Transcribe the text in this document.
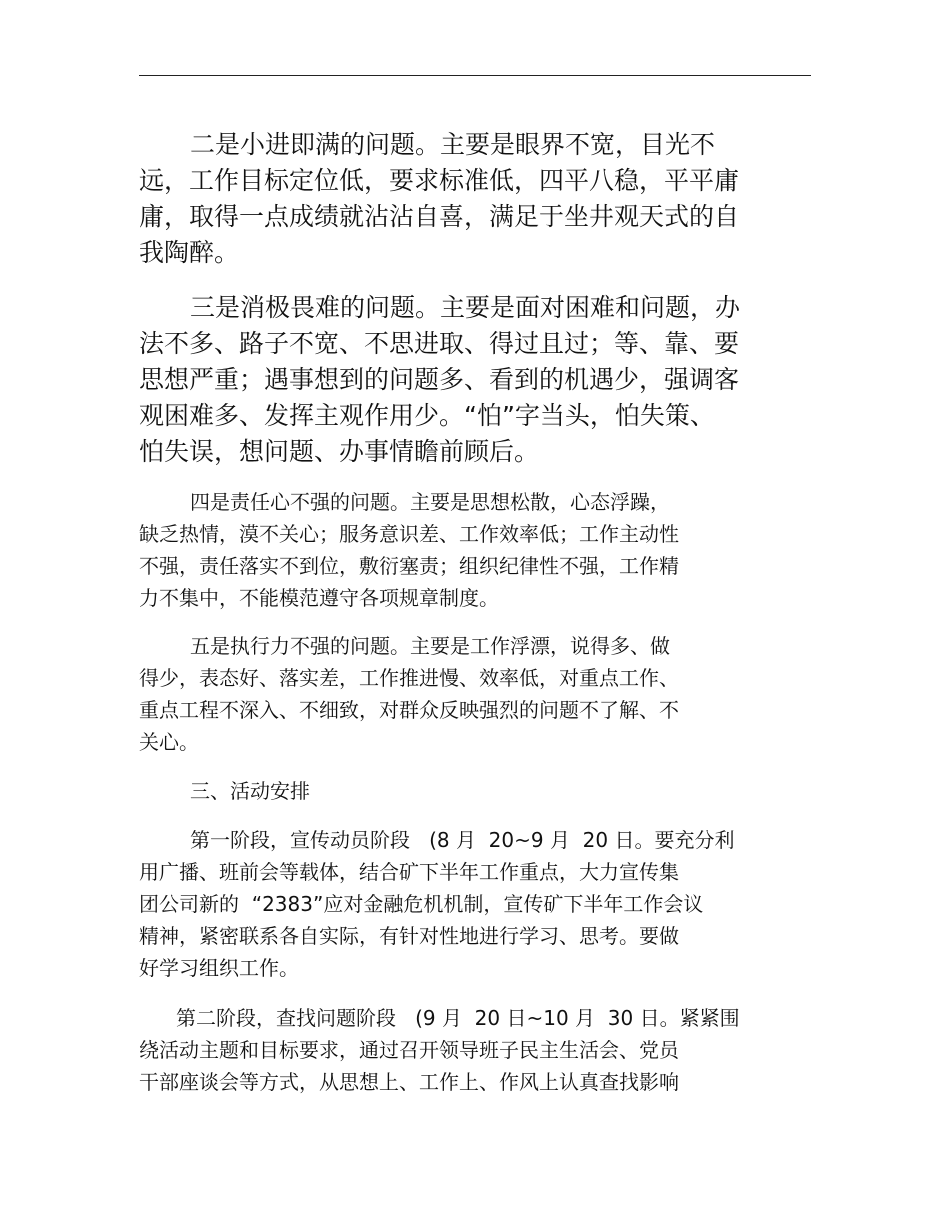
二是小进即满的问题。主要是眼界不宽，目光不
远，工作目标定位低，要求标准低，四平八稳，平平庸
庸，取得一点成绩就沾沾自喜，满足于坐井观天式的自
我陶醉。
三是消极畏难的问题。主要是面对困难和问题，办
法不多、路子不宽、不思进取、得过且过；等、靠、要
思想严重；遇事想到的问题多、看到的机遇少，强调客
观困难多、发挥主观作用少。“怕”字当头，怕失策、
怕失误，想问题、办事情瞻前顾后。
四是责任心不强的问题。主要是思想松散，心态浮躁，
缺乏热情，漠不关心；服务意识差、工作效率低；工作主动性
不强，责任落实不到位，敷衍塞责；组织纪律性不强，工作精
力不集中，不能模范遵守各项规章制度。
五是执行力不强的问题。主要是工作浮漂，说得多、做
得少，表态好、落实差，工作推进慢、效率低，对重点工作、
重点工程不深入、不细致，对群众反映强烈的问题不了解、不
关心。
三、活动安排
第一阶段，宣传动员阶段   (8 月  20~9 月  20 日。要充分利
用广播、班前会等载体，结合矿下半年工作重点，大力宣传集
团公司新的  “2383”应对金融危机机制，宣传矿下半年工作会议
精神，紧密联系各自实际，有针对性地进行学习、思考。要做
好学习组织工作。
第二阶段，查找问题阶段   (9 月  20 日~10 月  30 日。紧紧围
绕活动主题和目标要求，通过召开领导班子民主生活会、党员
干部座谈会等方式，从思想上、工作上、作风上认真查找影响
